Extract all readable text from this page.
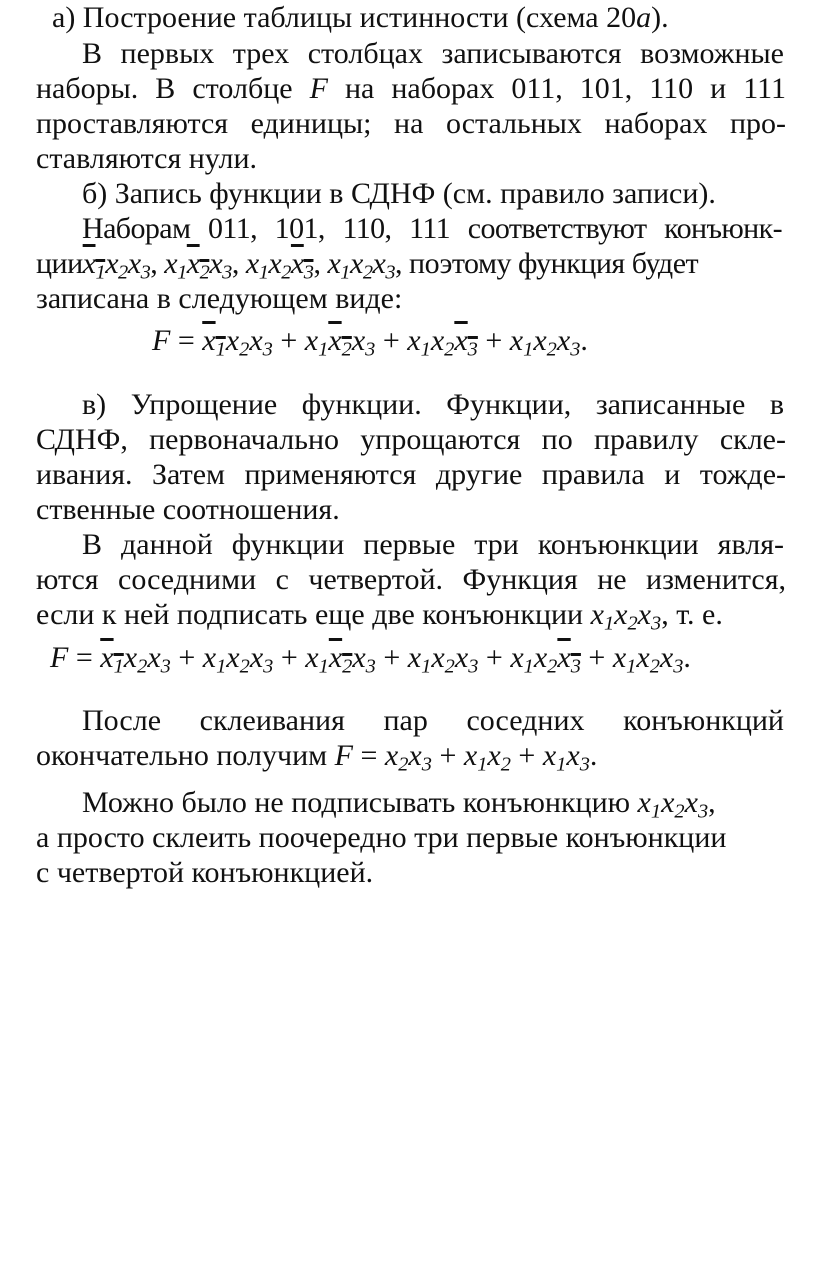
а) Построение таблицы истинности (схема 20а).
В первых трех столбцах записываются возможные
наборы. В столбце F на наборах 011, 101, 110 и 111
проставляются единицы; на остальных наборах про-
ставляются нули.
б) Запись функции в СДНФ (см. правило записи).
Наборам 011, 101, 110, 111 соответствуют конъюнк-
$цииx_1x_2x_3$, $x_1x_2x_3$, $x_1x_2x_3$, $x_1x_2x_3$, поэтому функция будет
записана в следующем виде:
$F = x_1x_2x_3 + x_1x_2x_3 + x_1x_2x_3 + x_1x_2x_3$.
в) Упрощение функции. Функции, записанные в
СДНФ, первоначально упрощаются по правилу скле-
ивания. Затем применяются другие правила и тожде-
ственные соотношения.
В данной функции первые три конъюнкции явля-
ются соседними с четвертой. Функция не изменится,
если к ней подписать еще две конъюнкции $x_1x_2x_3$, т. е.
$F = x_1x_2x_3 + x_1x_2x_3 + x_1x_2x_3 + x_1x_2x_3 + x_1x_2x_3 + x_1x_2x_3$.
После склеивания пар соседних конъюнкций
окончательно получим $F = x_2x_3 + x_1x_2 + x_1x_3$.
Можно было не подписывать конъюнкцию $x_1x_2x_3$,
а просто склеить поочередно три первые конъюнкции
с четвертой конъюнкцией.
